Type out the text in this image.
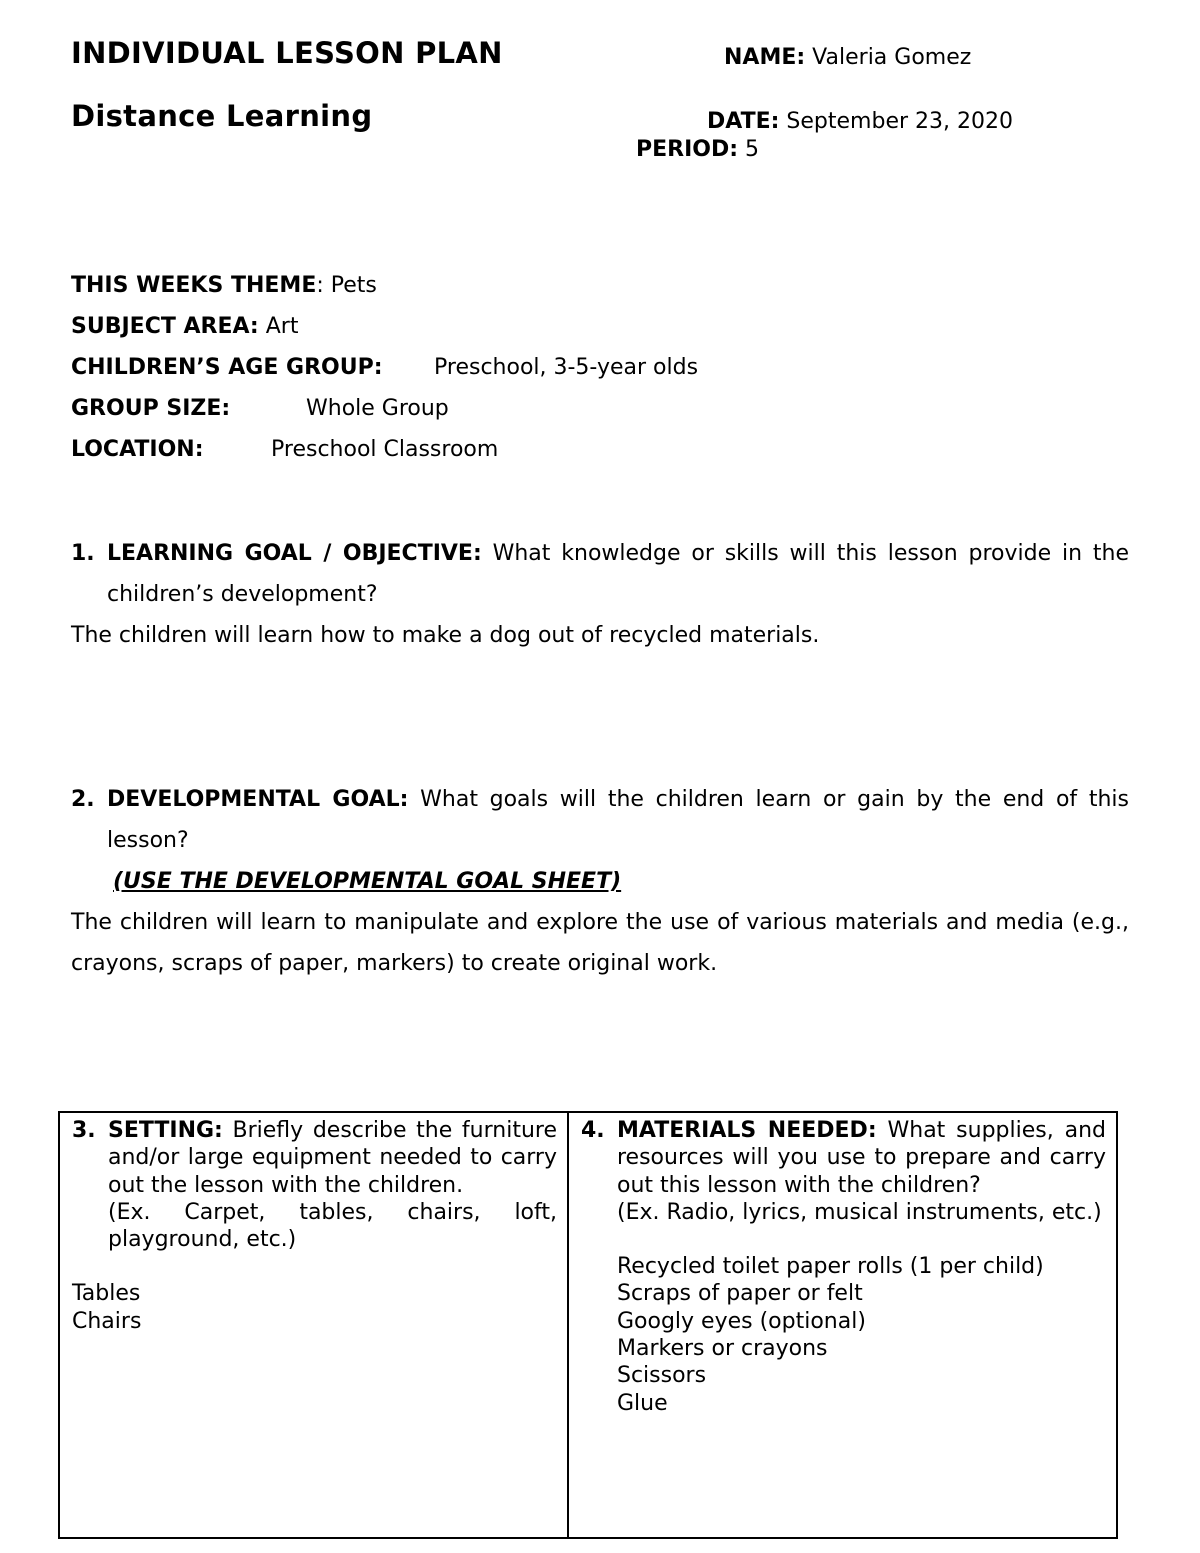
INDIVIDUAL LESSON PLAN
Distance Learning
NAME: Valeria Gomez
DATE: September 23, 2020
PERIOD: 5
THIS WEEKS THEME: Pets
SUBJECT AREA: Art
CHILDREN’S AGE GROUP: Preschool, 3-5-year olds
GROUP SIZE:	Whole Group
LOCATION:	Preschool Classroom
1. LEARNING GOAL / OBJECTIVE: What knowledge or skills will this lesson provide in the children’s development?

The children will learn how to make a dog out of recycled materials.

2. DEVELOPMENTAL GOAL: What goals will the children learn or gain by the end of this lesson?
(USE THE DEVELOPMENTAL GOAL SHEET)

The children will learn to manipulate and explore the use of various materials and media (e.g., crayons, scraps of paper, markers) to create original work.

3. SETTING: Briefly describe the furniture and/or large equipment needed to carry out the lesson with the children.
(Ex. Carpet, tables, chairs, loft, playground, etc.)
Tables
Chairs

4. MATERIALS NEEDED: What supplies, and resources will you use to prepare and carry out this lesson with the children?
(Ex. Radio, lyrics, musical instruments, etc.)
Recycled toilet paper rolls (1 per child)
Scraps of paper or felt
Googly eyes (optional)
Markers or crayons
Scissors
Glue
